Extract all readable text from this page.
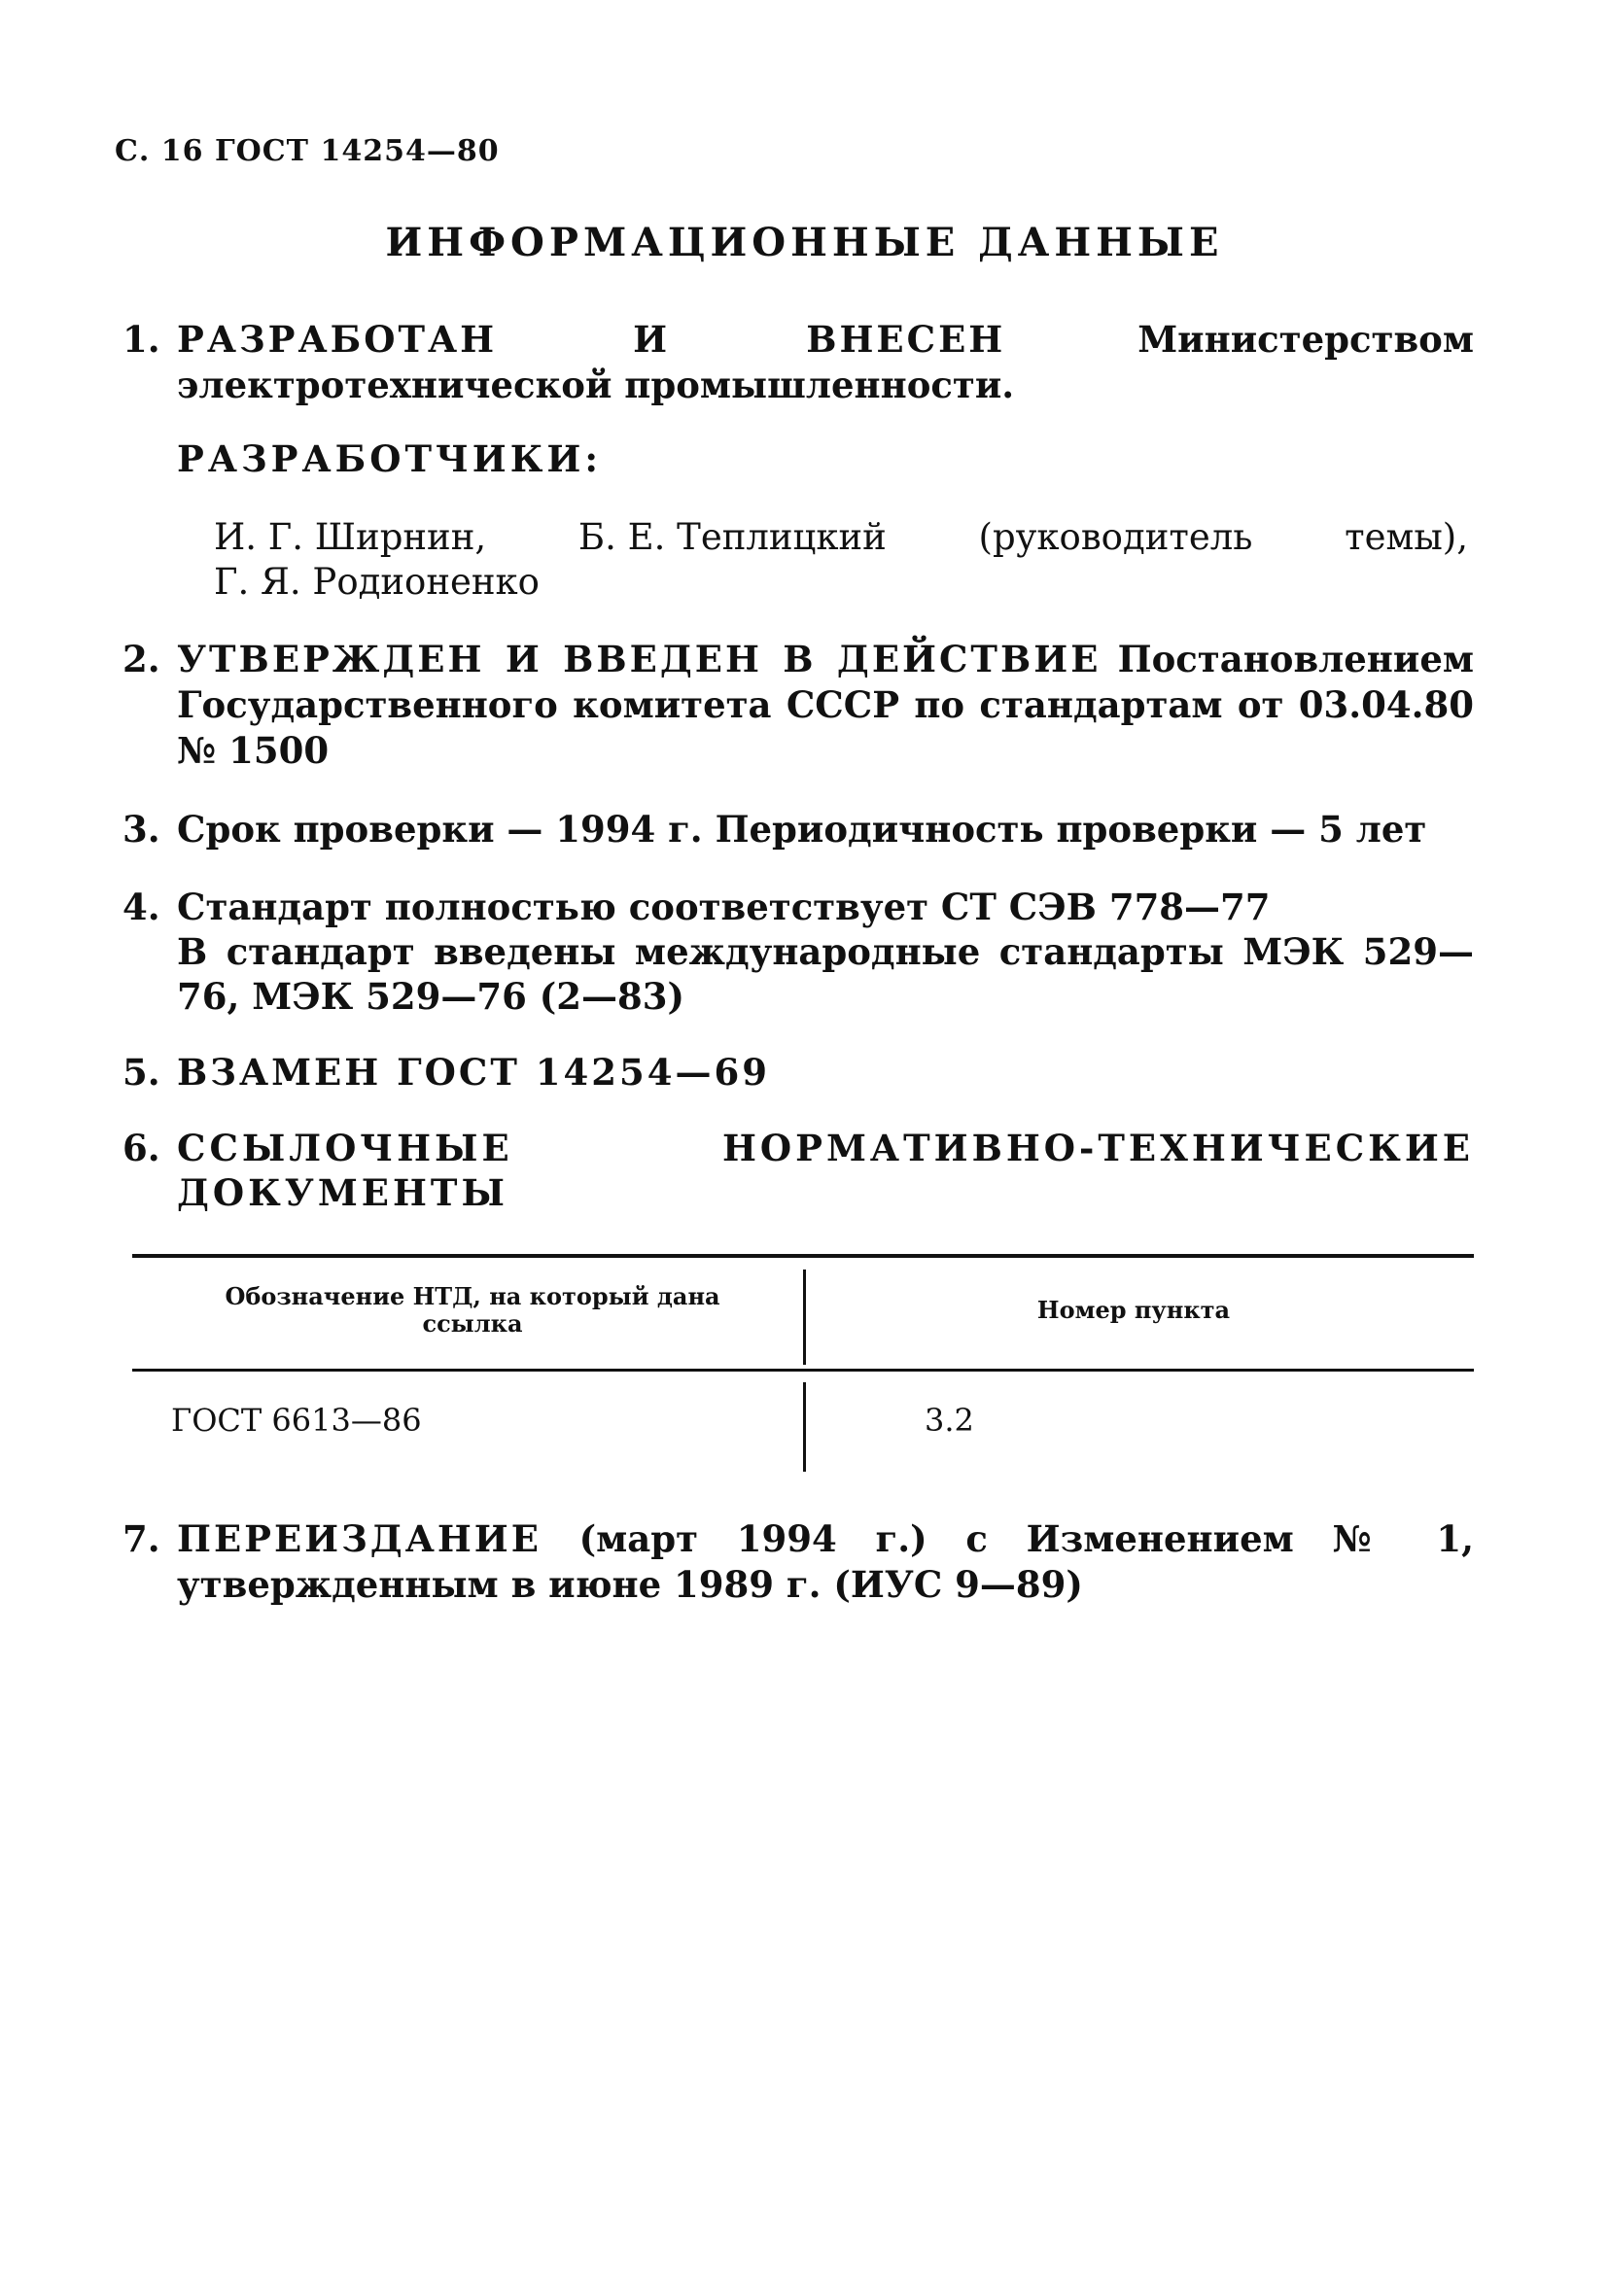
С. 16 ГОСТ 14254—80
ИНФОРМАЦИОННЫЕ ДАННЫЕ
1. РАЗРАБОТАН И ВНЕСЕН	Министерством электротехнической промышленности.
РАЗРАБОТЧИКИ:
И. Г. Ширнин,	Б. Е. Теплицкий	(руководитель	темы),
Г. Я. Родионенко
2. УТВЕРЖДЕН И ВВЕДЕН В ДЕЙСТВИЕ Постановлением Государственного комитета СССР по стандартам от 03.04.80 № 1500
3. Срок проверки — 1994 г. Периодичность проверки — 5 лет
4. Стандарт полностью соответствует СТ СЭВ 778—77
В стандарт введены международные стандарты МЭК 529—76, МЭК 529—76 (2—83)
5. ВЗАМЕН ГОСТ 14254—69
6. ССЫЛОЧНЫЕ НОРМАТИВНО-ТЕХНИЧЕСКИЕ ДОКУМЕНТЫ
Обозначение НТД, на который дана ссылка	Номер пункта
ГОСТ 6613—86	3.2
7. ПЕРЕИЗДАНИЕ (март 1994 г.) с Изменением № 1, утвержденным в июне 1989 г. (ИУС 9—89)
